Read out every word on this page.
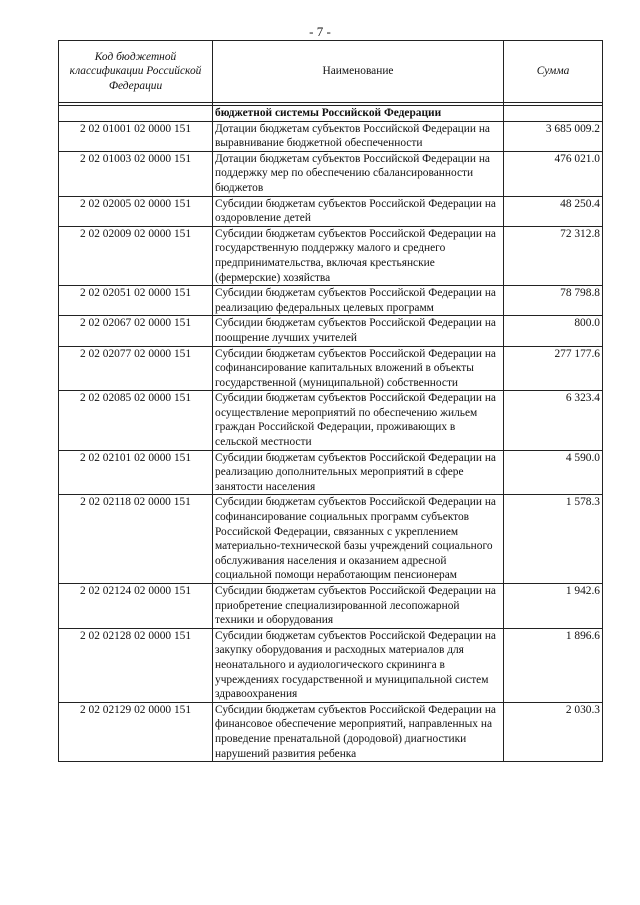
- 7 -
Код бюджетной классификации Российской Федерации	Наименование	Сумма

	бюджетной системы Российской Федерации	
2 02 01001 02 0000 151	Дотации бюджетам субъектов Российской Федерации на выравнивание бюджетной обеспеченности	3 685 009.2
2 02 01003 02 0000 151	Дотации бюджетам субъектов Российской Федерации на поддержку мер по обеспечению сбалансированности бюджетов	476 021.0
2 02 02005 02 0000 151	Субсидии бюджетам субъектов Российской Федерации на оздоровление детей	48 250.4
2 02 02009 02 0000 151	Субсидии бюджетам субъектов Российской Федерации на государственную поддержку малого и среднего предпринимательства, включая крестьянские (фермерские) хозяйства	72 312.8
2 02 02051 02 0000 151	Субсидии бюджетам субъектов Российской Федерации на реализацию федеральных целевых программ	78 798.8
2 02 02067 02 0000 151	Субсидии бюджетам субъектов Российской Федерации на поощрение лучших учителей	800.0
2 02 02077 02 0000 151	Субсидии бюджетам субъектов Российской Федерации на софинансирование капитальных вложений в объекты государственной (муниципальной) собственности	277 177.6
2 02 02085 02 0000 151	Субсидии бюджетам субъектов Российской Федерации на осуществление мероприятий по обеспечению жильем граждан Российской Федерации, проживающих в сельской местности	6 323.4
2 02 02101 02 0000 151	Субсидии бюджетам субъектов Российской Федерации на реализацию дополнительных мероприятий в сфере занятости населения	4 590.0
2 02 02118 02 0000 151	Субсидии бюджетам субъектов Российской Федерации на софинансирование социальных программ субъектов Российской Федерации, связанных с укреплением материально-технической базы учреждений социального обслуживания населения и оказанием адресной социальной помощи неработающим пенсионерам	1 578.3
2 02 02124 02 0000 151	Субсидии бюджетам субъектов Российской Федерации на приобретение специализированной лесопожарной техники и оборудования	1 942.6
2 02 02128 02 0000 151	Субсидии бюджетам субъектов Российской Федерации на закупку оборудования и расходных материалов для неонатального и аудиологического скрининга в учреждениях государственной и муниципальной систем здравоохранения	1 896.6
2 02 02129 02 0000 151	Субсидии бюджетам субъектов Российской Федерации на финансовое обеспечение мероприятий, направленных на проведение пренатальной (дородовой) диагностики нарушений развития ребенка	2 030.3
